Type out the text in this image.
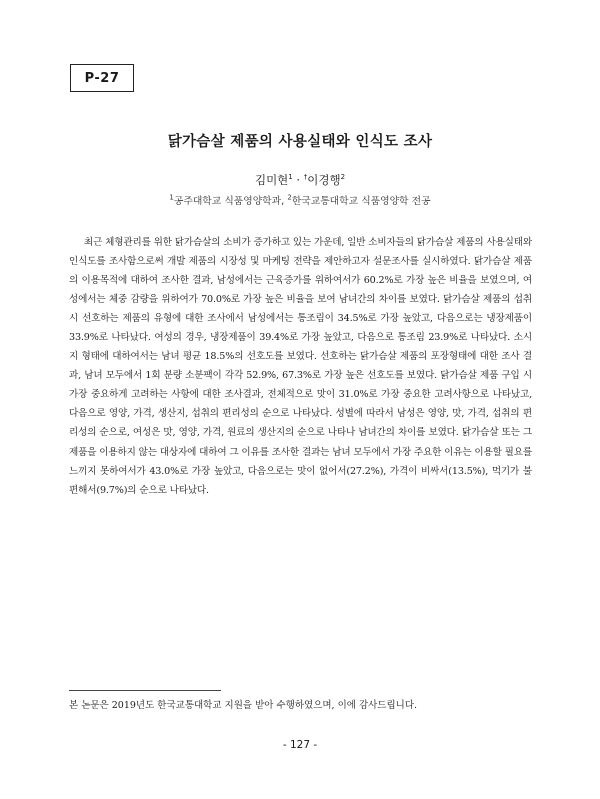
P-27
닭가슴살 제품의 사용실태와 인식도 조사
김미현$^1$ · †이경행$^2$
$^1$공주대학교 식품영양학과, $^2$한국교통대학교 식품영양학 전공

최근 체형관리를 위한 닭가슴살의 소비가 증가하고 있는 가운데, 일반 소비자들의 닭가슴살 제품의 사용실태와 인식도를 조사함으로써 개발 제품의 시장성 및 마케팅 전략을 제안하고자 설문조사를 실시하였다. 닭가슴살 제품의 이용목적에 대하여 조사한 결과, 남성에서는 근육증가를 위하여서가 60.2%로 가장 높은 비율을 보였으며, 여성에서는 체중 감량을 위하여가 70.0%로 가장 높은 비율을 보여 남녀간의 차이를 보였다. 닭가슴살 제품의 섭취시 선호하는 제품의 유형에 대한 조사에서 남성에서는 통조림이 34.5%로 가장 높았고, 다음으로는 냉장제품이 33.9%로 나타났다. 여성의 경우, 냉장제품이 39.4%로 가장 높았고, 다음으로 통조림 23.9%로 나타났다. 소시지 형태에 대하여서는 남녀 평균 18.5%의 선호도를 보였다. 선호하는 닭가슴살 제품의 포장형태에 대한 조사 결과, 남녀 모두에서 1회 분량 소분팩이 각각 52.9%, 67.3%로 가장 높은 선호도를 보였다. 닭가슴살 제품 구입 시 가장 중요하게 고려하는 사항에 대한 조사결과, 전체적으로 맛이 31.0%로 가장 중요한 고려사항으로 나타났고, 다음으로 영양, 가격, 생산지, 섭취의 편리성의 순으로 나타났다. 성별에 따라서 남성은 영양, 맛, 가격, 섭취의 편리성의 순으로, 여성은 맛, 영양, 가격, 원료의 생산지의 순으로 나타나 남녀간의 차이를 보였다. 닭가슴살 또는 그 제품을 이용하지 않는 대상자에 대하여 그 이유를 조사한 결과는 남녀 모두에서 가장 주요한 이유는 이용할 필요를 느끼지 못하여서가 43.0%로 가장 높았고, 다음으로는 맛이 없어서(27.2%), 가격이 비싸서(13.5%), 먹기가 불편해서(9.7%)의 순으로 나타났다.

본 논문은 2019년도 한국교통대학교 지원을 받아 수행하였으며, 이에 감사드립니다.
- 127 -
